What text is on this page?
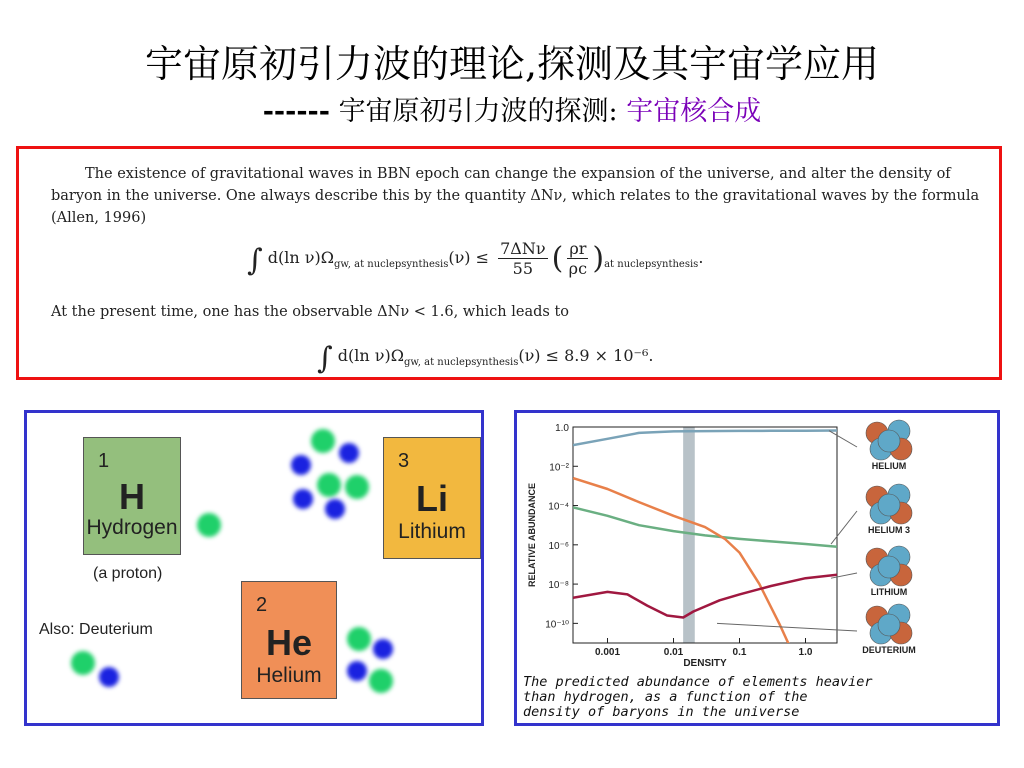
宇宙原初引力波的理论,探测及其宇宙学应用
------ 宇宙原初引力波的探测: 宇宙核合成
The existence of gravitational waves in BBN epoch can change the expansion of the universe, and alter the density of baryon in the universe. One always describe this by the quantity ΔNν, which relates to the gravitational waves by the formula (Allen, 1996)
∫ d(ln $\nu)\Omega_{gw, at nuclepsynthesis}(\nu) \le \frac{\text{7ΔNν}}{55}$ ( $\frac{\rho r}{\rho c} )_{at nuclepsynthesis}$.
At the present time, one has the observable ΔNν < 1.6, which leads to
∫ d(ln $\nu)\Omega_{gw, at nuclepsynthesis}(\nu) \le 8.9 \times 10^{-6}$.
1
H
Hydrogen
3
Li
Lithium
2
He
Helium
(a proton)
Also: Deuterium
1.0
10⁻²
10⁻⁴
10⁻⁶
10⁻⁸
10⁻¹⁰
0.001	0.01	0.1	1.0
DENSITY
RELATIVE ABUNDANCE
HELIUM
HELIUM 3
LITHIUM
DEUTERIUM
The predicted abundance of elements heavier
than hydrogen, as a function of the
density of baryons in the universe
